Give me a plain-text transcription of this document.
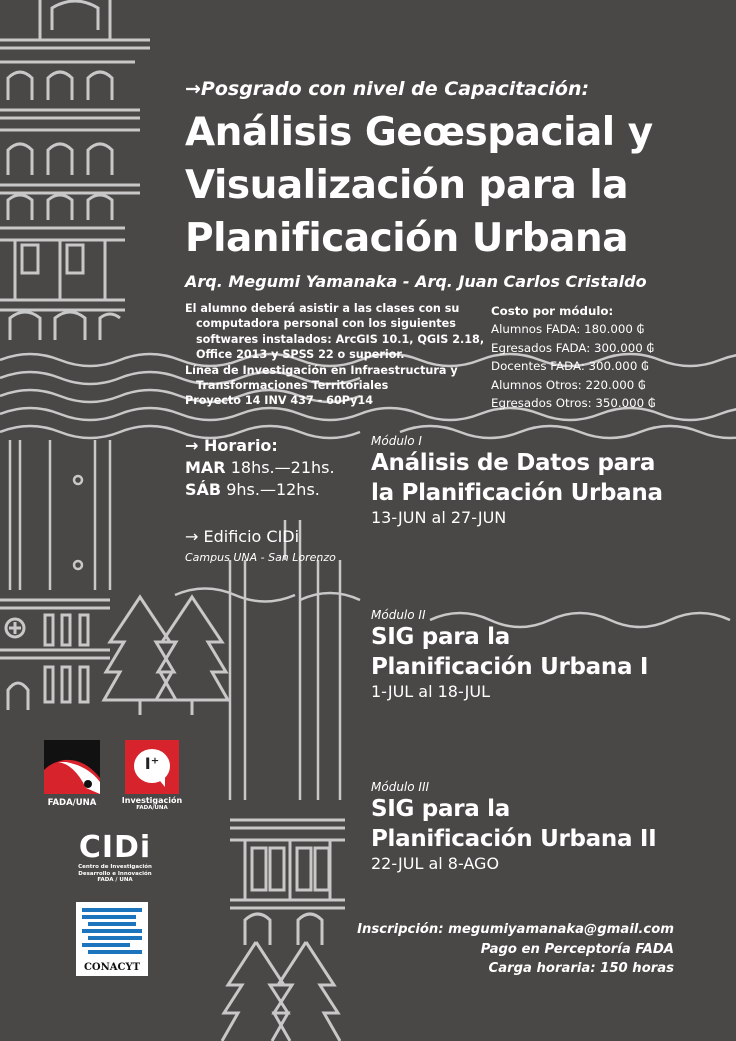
→Posgrado con nivel de Capacitación:

Análisis Geœspacial y
Visualización para la
Planificación Urbana

Arq. Megumi Yamanaka - Arq. Juan Carlos Cristaldo

El alumno deberá asistir a las clases con su
computadora personal con los siguientes
softwares instalados: ArcGIS 10.1, QGIS 2.18,
Office 2013 y SPSS 22 o superior.
Línea de Investigación en Infraestructura y
Transformaciones Territoriales
Proyecto 14 INV 437 - 60Py14
Costo por módulo:
Alumnos FADA: 180.000 ₲
Egresados FADA: 300.000 ₲
Docentes FADA: 300.000 ₲
Alumnos Otros: 220.000 ₲
Egresados Otros: 350.000 ₲
→ Horario:
MAR 18hs.—21hs.
SÁB 9hs.—12hs.

→ Edificio CIDi

Campus UNA - San Lorenzo

Módulo I
Análisis de Datos para
la Planificación Urbana
13-JUN al 27-JUN
Módulo II
SIG para la
Planificación Urbana I
1-JUL al 18-JUL
Módulo III
SIG para la
Planificación Urbana II
22-JUL al 8-AGO
Inscripción: megumiyamanaka@gmail.com
Pago en Perceptoría FADA
Carga horaria: 150 horas
FADA/UNA
I⁺
Investigación
FADA/UNA
CIDi
Centro de Investigación
Desarrollo e Innovación
FADA / UNA
CONACYT
